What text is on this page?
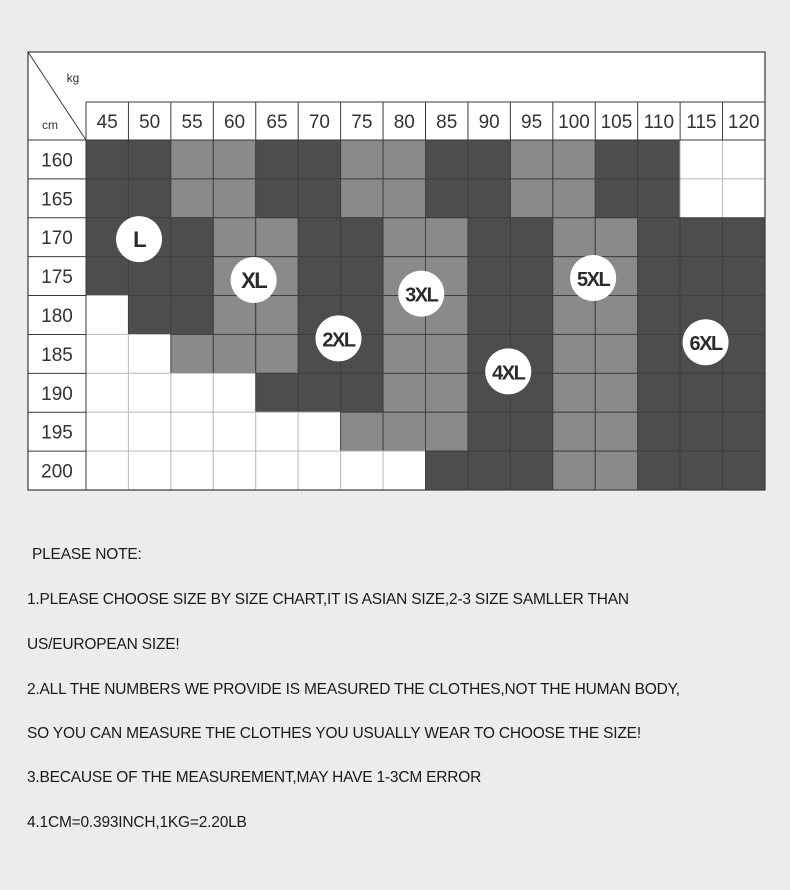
kg
cm 45 50 55 60 65 70 75 80 85 90 95 100 105 110 115 120
160
165
170
175
180
185
190
195
200
L
XL
2XL
3XL
4XL
5XL
6XL
PLEASE NOTE:
1.PLEASE CHOOSE SIZE BY SIZE CHART,IT IS ASIAN SIZE,2-3 SIZE SAMLLER THAN
US/EUROPEAN SIZE!
2.ALL THE NUMBERS WE PROVIDE IS MEASURED THE CLOTHES,NOT THE HUMAN BODY,
SO YOU CAN MEASURE THE CLOTHES YOU USUALLY WEAR TO CHOOSE THE SIZE!
3.BECAUSE OF THE MEASUREMENT,MAY HAVE 1-3CM ERROR
4.1CM=0.393INCH,1KG=2.20LB
